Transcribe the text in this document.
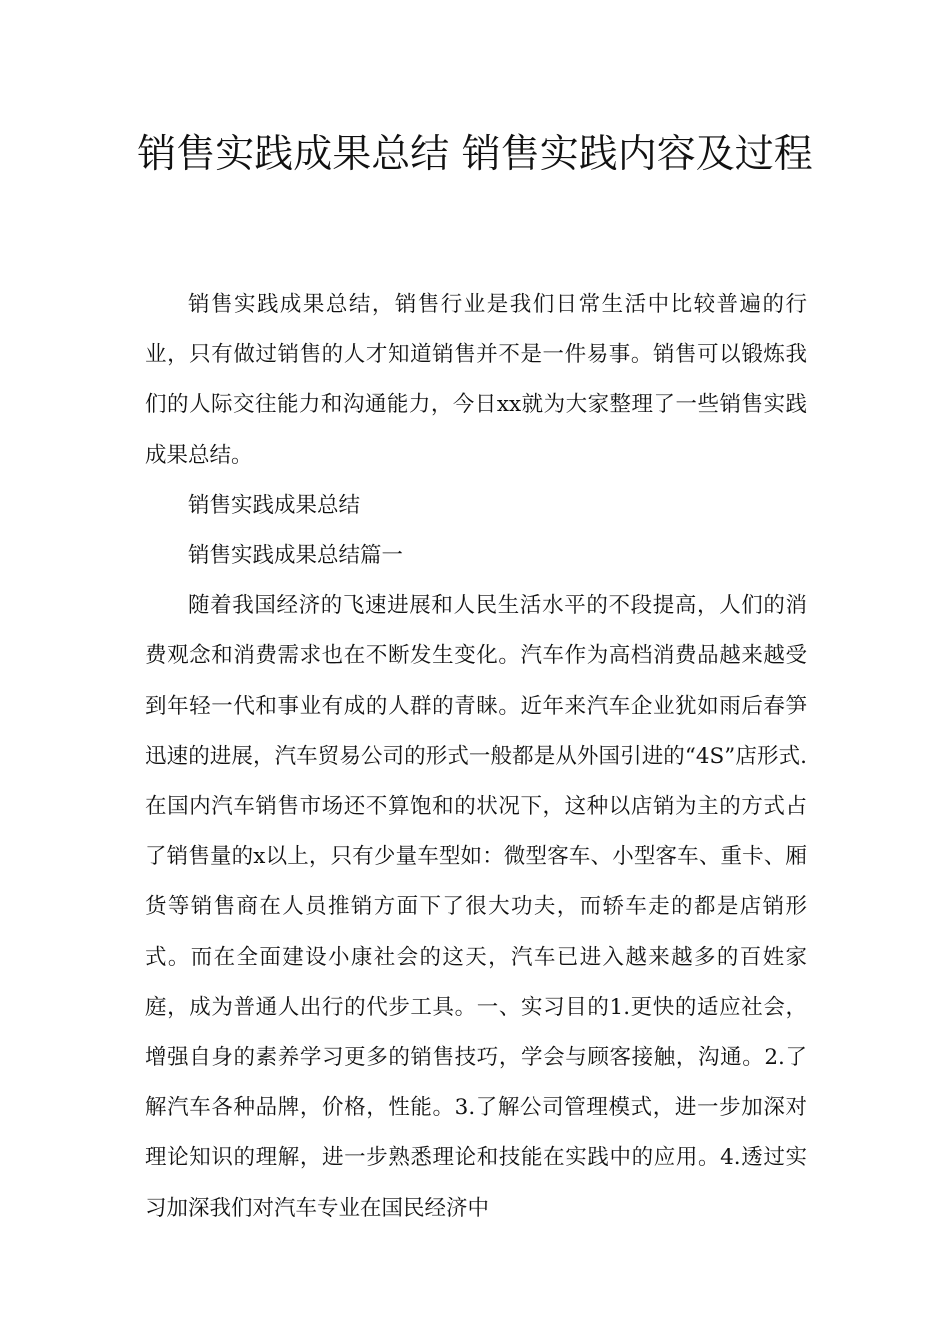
销售实践成果总结 销售实践内容及过程

销售实践成果总结，销售行业是我们日常生活中比较普遍的行业，只有做过销售的人才知道销售并不是一件易事。销售可以锻炼我们的人际交往能力和沟通能力，今日xx就为大家整理了一些销售实践成果总结。

销售实践成果总结

销售实践成果总结篇一

随着我国经济的飞速进展和人民生活水平的不段提高，人们的消费观念和消费需求也在不断发生变化。汽车作为高档消费品越来越受到年轻一代和事业有成的人群的青睐。近年来汽车企业犹如雨后春笋迅速的进展，汽车贸易公司的形式一般都是从外国引进的“4S”店形式.在国内汽车销售市场还不算饱和的状况下，这种以店销为主的方式占了销售量的x以上，只有少量车型如：微型客车、小型客车、重卡、厢货等销售商在人员推销方面下了很大功夫，而轿车走的都是店销形式。而在全面建设小康社会的这天，汽车已进入越来越多的百姓家庭，成为普通人出行的代步工具。一、实习目的1.更快的适应社会，增强自身的素养学习更多的销售技巧，学会与顾客接触，沟通。2.了解汽车各种品牌，价格，性能。3.了解公司管理模式，进一步加深对理论知识的理解，进一步熟悉理论和技能在实践中的应用。4.透过实习加深我们对汽车专业在国民经济中
